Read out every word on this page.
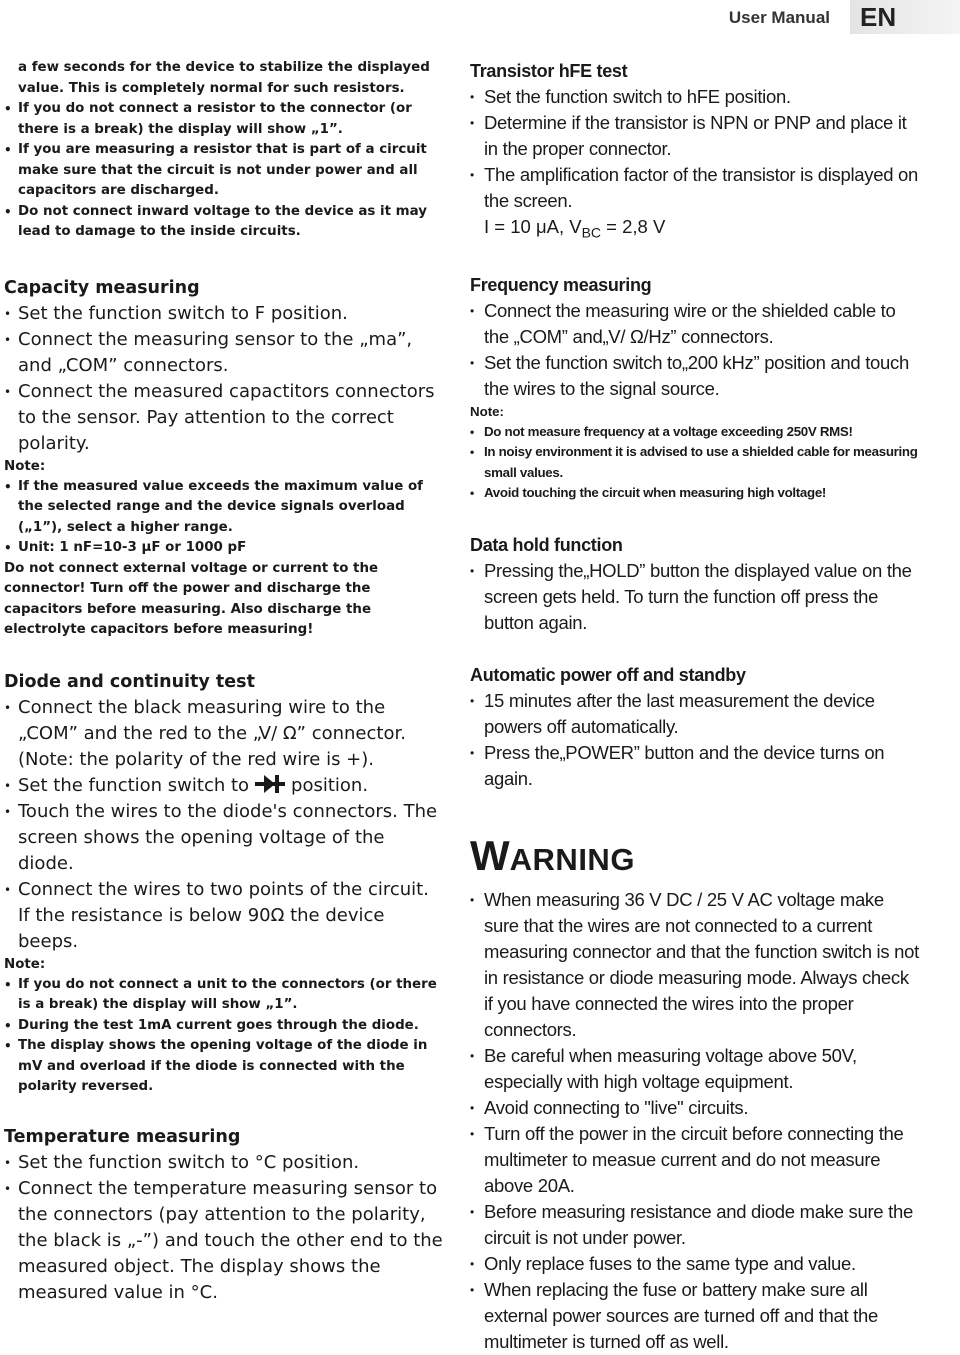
User Manual EN

a few seconds for the device to stabilize the displayed value. This is completely normal for such resistors.

• If you do not connect a resistor to the connector (or there is a break) the display will show „1”.
• If you are measuring a resistor that is part of a circuit make sure that the circuit is not under power and all capacitors are discharged.
• Do not connect inward voltage to the device as it may lead to damage to the inside circuits.
Capacity measuring
• Set the function switch to F position.
• Connect the measuring sensor to the „ma”, and „COM” connectors.
• Connect the measured capactitors connectors to the sensor. Pay attention to the correct polarity.
Note:
• If the measured value exceeds the maximum value of the selected range and the device signals overload („1”), select a higher range.
• Unit: 1 nF=10-3 μF or 1000 pF

Do not connect external voltage or current to the connector! Turn off the power and discharge the capacitors before measuring. Also discharge the electrolyte capacitors before measuring!

Diode and continuity test
• Connect the black measuring wire to the „COM” and the red to the „V/ Ω” connector. (Note: the polarity of the red wire is +).
• Set the function switch to position.
• Touch the wires to the diode's connectors. The screen shows the opening voltage of the diode.
• Connect the wires to two points of the circuit. If the resistance is below 90Ω the device beeps.
Note:
• If you do not connect a unit to the connectors (or there is a break) the display will show „1”.
• During the test 1mA current goes through the diode.
• The display shows the opening voltage of the diode in mV and overload if the diode is connected with the polarity reversed.
Temperature measuring
• Set the function switch to °C position.
• Connect the temperature measuring sensor to the connectors (pay attention to the polarity, the black is „-”) and touch the other end to the measured object. The display shows the measured value in °C.
Transistor hFE test
• Set the function switch to hFE position.
• Determine if the transistor is NPN or PNP and place it in the proper connector.
• The amplification factor of the transistor is displayed on the screen.
I = 10 μA, $V_{BC} = 2,8$ V
Frequency measuring
• Connect the measuring wire or the shielded cable to the „COM” and„V/ Ω/Hz” connectors.
• Set the function switch to„200 kHz” position and touch the wires to the signal source.
Note:
• Do not measure frequency at a voltage exceeding 250V RMS!
• In noisy environment it is advised to use a shielded cable for measuring small values.
• Avoid touching the circuit when measuring high voltage!
Data hold function
• Pressing the„HOLD” button the displayed value on the screen gets held. To turn the function off press the button again.
Automatic power off and standby
• 15 minutes after the last measurement the device powers off automatically.
• Press the„POWER” button and the device turns on again.
WARNING
• When measuring 36 V DC / 25 V AC voltage make sure that the wires are not connected to a current measuring connector and that the function switch is not in resistance or diode measuring mode. Always check if you have connected the wires into the proper connectors.
• Be careful when measuring voltage above 50V, especially with high voltage equipment.
• Avoid connecting to "live" circuits.
• Turn off the power in the circuit before connecting the multimeter to measue current and do not measure above 20A.
• Before measuring resistance and diode make sure the circuit is not under power.
• Only replace fuses to the same type and value.
• When replacing the fuse or battery make sure all external power sources are turned off and that the multimeter is turned off as well.
